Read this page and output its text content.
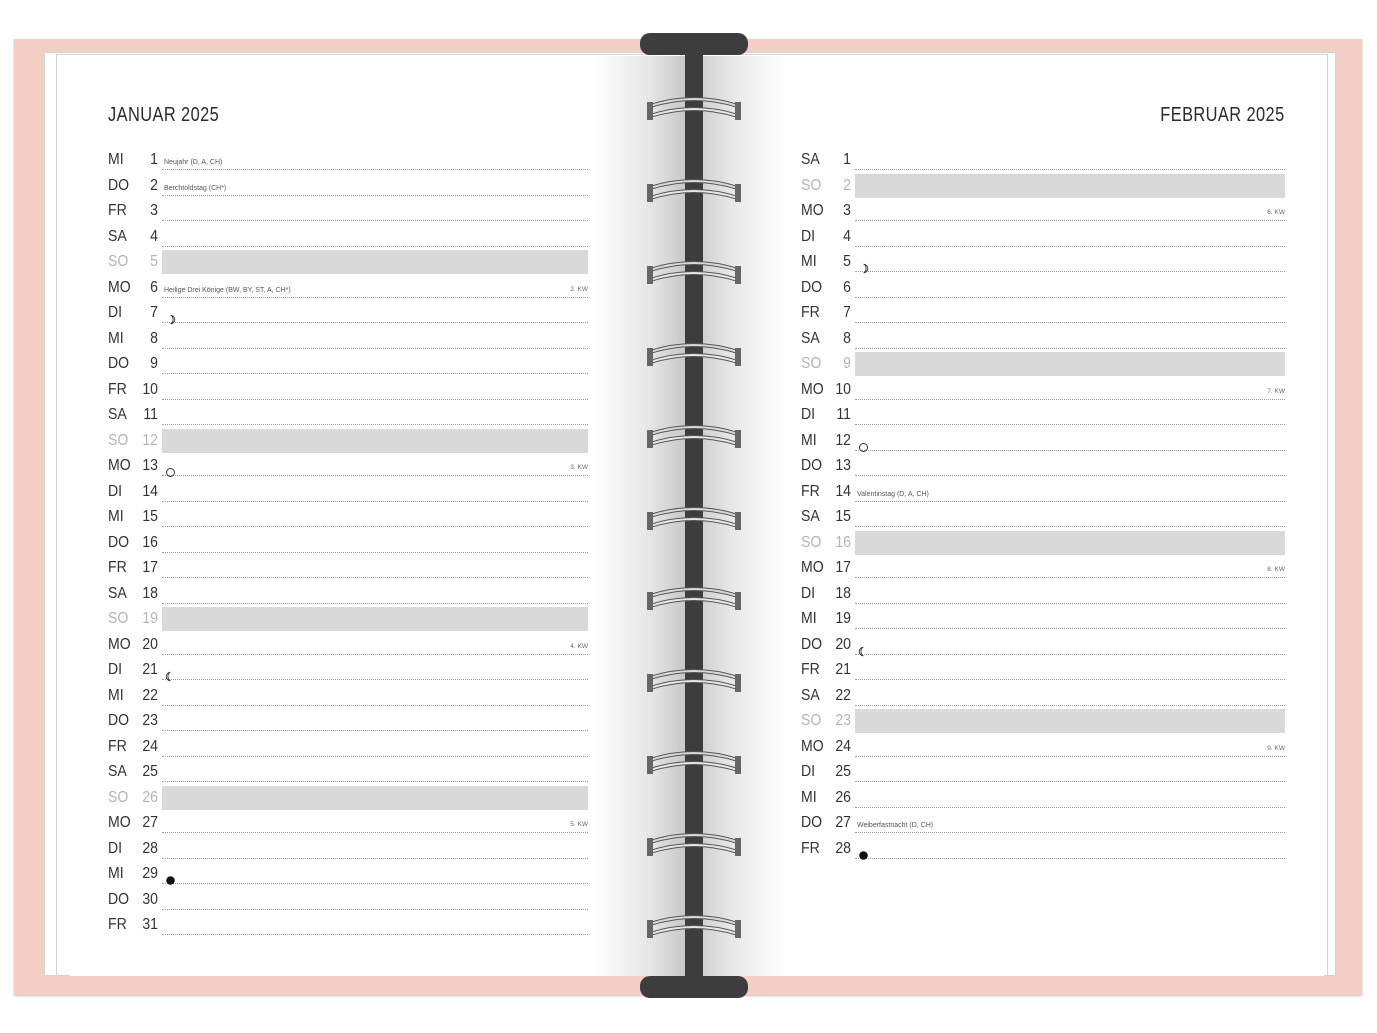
JANUAR 2025	FEBRUAR 2025
MI	1 Neujahr (D, A, CH)
DO	2 Berchtoldstag (CH*)
FR	3
SA	4
SO	5
MO	6 Heilige Drei Könige (BW, BY, ST, A, CH*)	2. KW
DI	7
MI	8
DO	9
FR 10
SA	11
SO 12
MO 13	3. KW
DI	14
MI	15
DO 16
FR 17
SA 18
SO 19
MO 20	4. KW
DI	21
MI	22
DO 23
FR 24
SA 25
SO 26
MO 27	5. KW
DI	28
MI	29
DO 30
FR 31
SA	1
SO	2
MO	3	6. KW
DI	4
MI	5
DO	6
FR	7
SA	8
SO	9
MO 10	7. KW
DI	11
MI	12
DO 13
FR 14 Valentinstag (D, A, CH)
SA 15
SO 16
MO 17	8. KW
DI	18
MI	19
DO 20
FR 21
SA 22
SO 23
MO 24	9. KW
DI	25
MI	26
DO 27 Weiberfastnacht (D, CH)
FR 28
